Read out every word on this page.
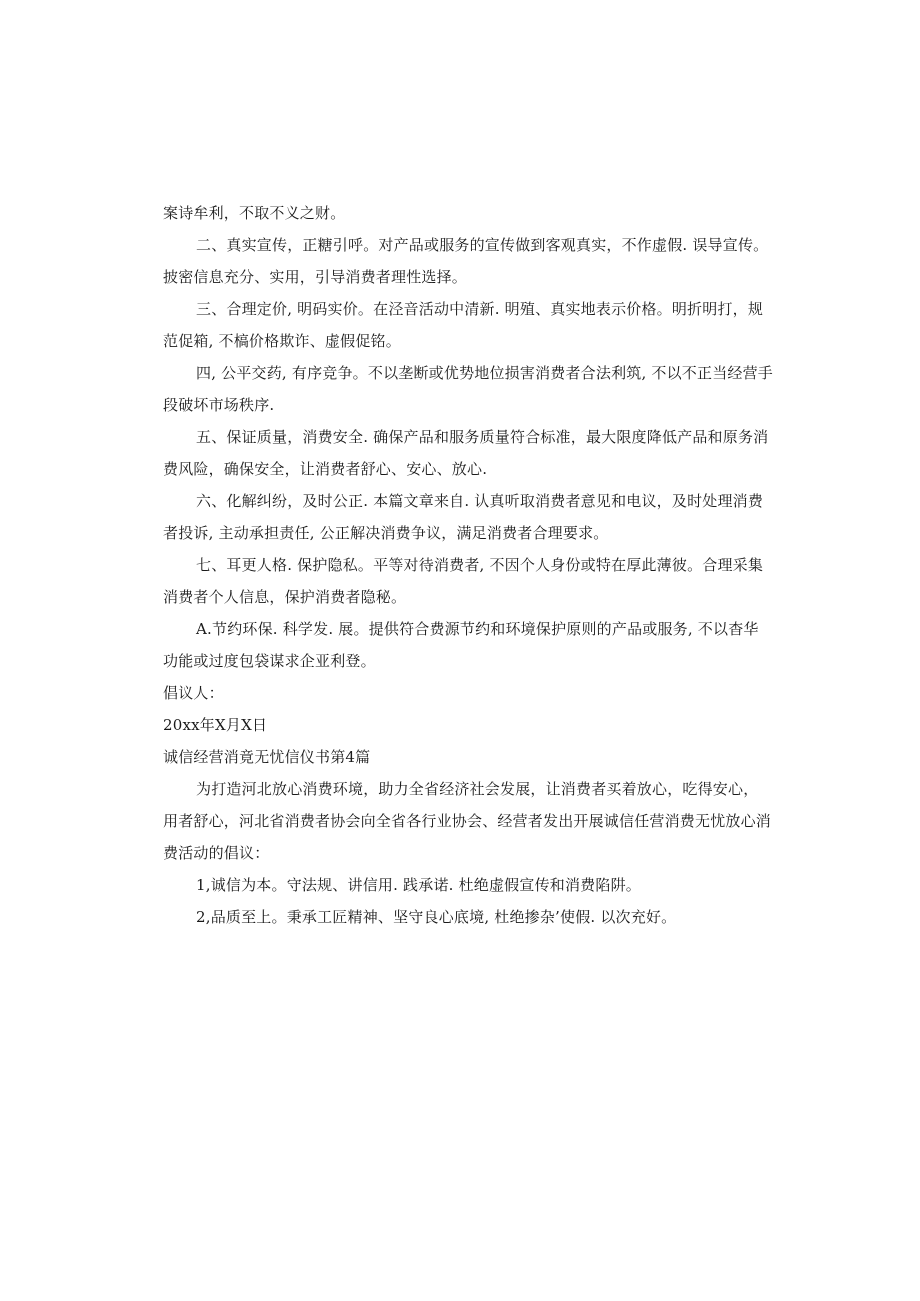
案诗牟利，不取不义之财。

二、真实宣传，正糖引呼。对产品或服务的宣传做到客观真实，不作虚假. 误导宣传。披密信息充分、实用，引导消费者理性选择。

三、合理定价, 明码实价。在泾音活动中清新. 明殖、真实地表示价格。明折明打，规范促箱, 不槁价格欺诈、虚假促铭。

四, 公平交药, 有序竞争。不以垄断或优势地位损害消费者合法利筑, 不以不正当经营手段破坏市场秩序.

五、保证质量，消费安全. 确保产品和服务质量符合标准，最大限度降低产品和原务消费风险，确保安全，让消费者舒心、安心、放心.

六、化解纠纷，及时公正. 本篇文章来自. 认真听取消费者意见和电议，及时处理消费者投诉, 主动承担责任, 公正解决消费争议，满足消费者合理要求。

七、耳更人格. 保护隐私。平等对待消费者, 不因个人身份或特在厚此薄彼。合理采集消费者个人信息，保护消费者隐秘。

A.节约环保. 科学发. 展。提供符合费源节约和环境保护原则的产品或服务, 不以杳华功能或过度包袋谋求企亚利登。

倡议人：

20xx年X月X日

诚信经营消竟无忧信仪书第4篇

为打造河北放心消费环境，助力全省经济社会发展，让消费者买着放心，吃得安心，用者舒心，河北省消费者协会向全省各行业协会、经营者发出开展诚信任营消费无忧放心消费活动的倡议：

1,诚信为本。守法规、讲信用. 践承诺. 杜绝虚假宣传和消费陷阱。

2,品质至上。秉承工匠精神、坚守良心底境, 杜绝掺杂’使假. 以次充好。
